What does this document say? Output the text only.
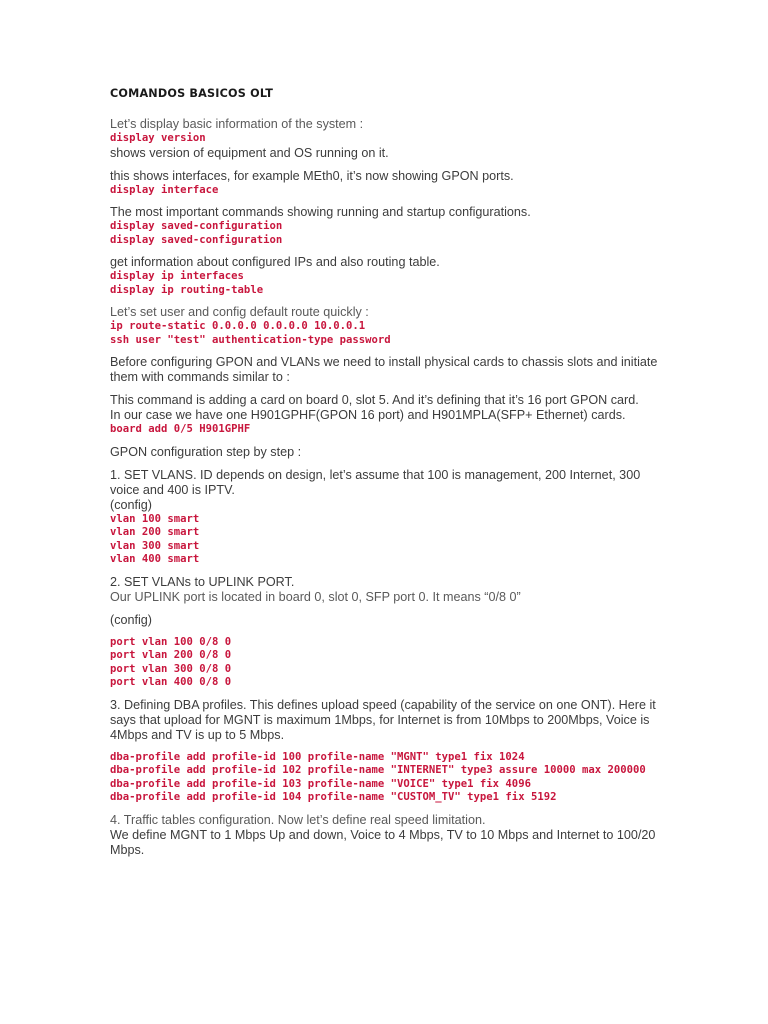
COMANDOS BASICOS OLT
Let’s display basic information of the system :
display version
shows version of equipment and OS running on it.
this shows interfaces, for example MEth0, it’s now showing GPON ports.
display interface
The most important commands showing running and startup configurations.
display saved-configuration
display saved-configuration
get information about configured IPs and also routing table.
display ip interfaces
display ip routing-table
Let’s set user and config default route quickly :
ip route-static 0.0.0.0 0.0.0.0 10.0.0.1
ssh user "test" authentication-type password
Before configuring GPON and VLANs we need to install physical cards to chassis slots and initiate them with commands similar to :
This command is adding a card on board 0, slot 5. And it’s defining that it’s 16 port GPON card.
In our case we have one H901GPHF(GPON 16 port) and H901MPLA(SFP+ Ethernet) cards.
board add 0/5 H901GPHF
GPON configuration step by step :
1. SET VLANS. ID depends on design, let’s assume that 100 is management, 200 Internet, 300 voice and 400 is IPTV.
(config)
vlan 100 smart
vlan 200 smart
vlan 300 smart
vlan 400 smart
2. SET VLANs to UPLINK PORT.
Our UPLINK port is located in board 0, slot 0, SFP port 0. It means “0/8 0”
(config)
port vlan 100 0/8 0
port vlan 200 0/8 0
port vlan 300 0/8 0
port vlan 400 0/8 0
3. Defining DBA profiles. This defines upload speed (capability of the service on one ONT). Here it says that upload for MGNT is maximum 1Mbps, for Internet is from 10Mbps to 200Mbps, Voice is 4Mbps and TV is up to 5 Mbps.
dba-profile add profile-id 100 profile-name "MGNT" type1 fix 1024
dba-profile add profile-id 102 profile-name "INTERNET" type3 assure 10000 max 200000
dba-profile add profile-id 103 profile-name "VOICE" type1 fix 4096
dba-profile add profile-id 104 profile-name "CUSTOM_TV" type1 fix 5192
4. Traffic tables configuration. Now let’s define real speed limitation.
We define MGNT to 1 Mbps Up and down, Voice to 4 Mbps, TV to 10 Mbps and Internet to 100/20 Mbps.
